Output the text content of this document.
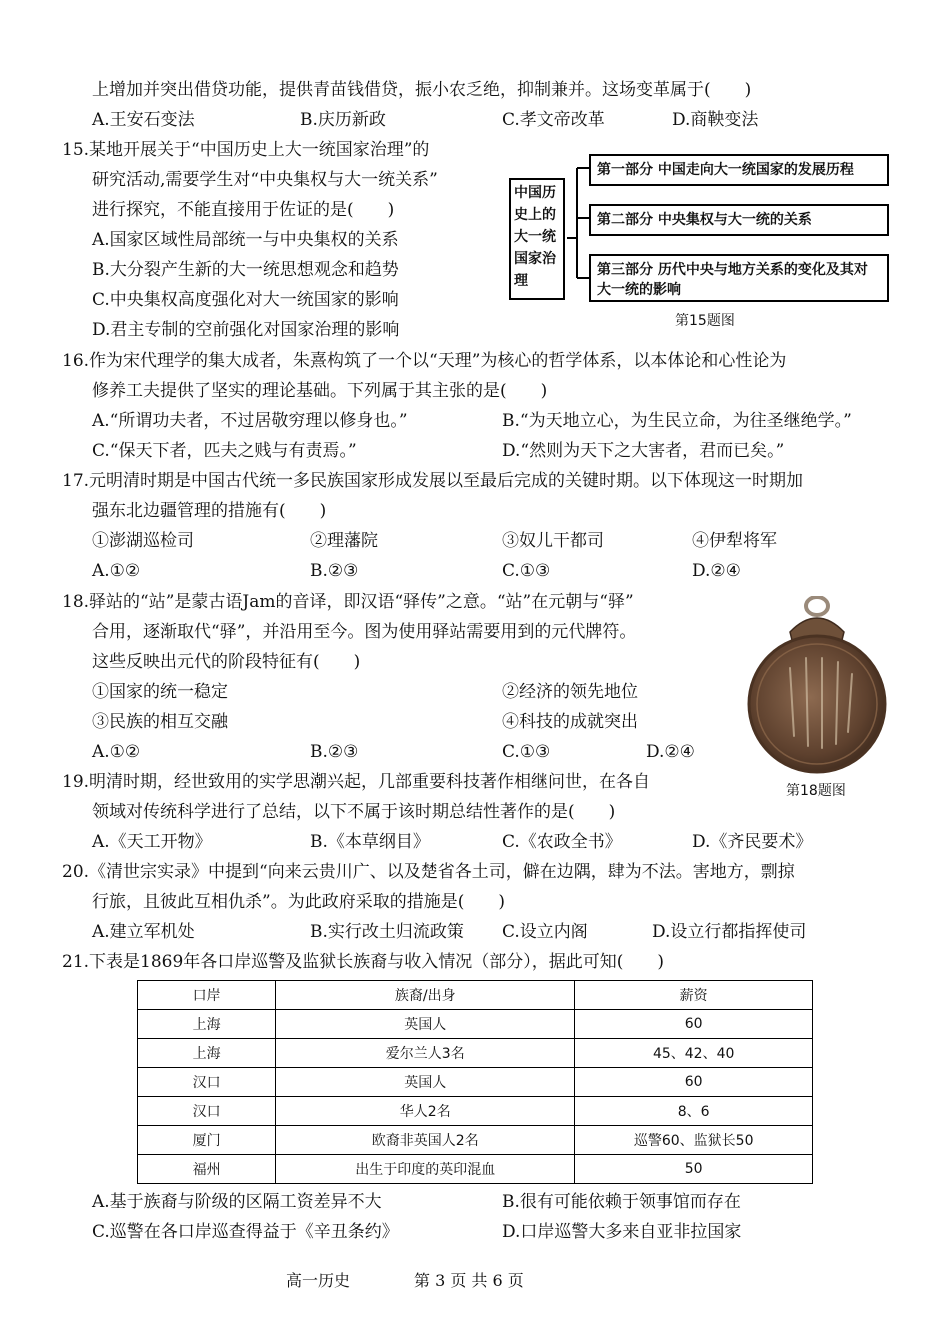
上增加并突出借贷功能，提供青苗钱借贷，振小农乏绝，抑制兼并。这场变革属于(　　)
A.王安石变法	B.庆历新政	C.孝文帝改革	D.商鞅变法
15.某地开展关于“中国历史上大一统国家治理”的
研究活动,需要学生对“中央集权与大一统关系”
进行探究，不能直接用于佐证的是(　　)
A.国家区域性局部统一与中央集权的关系
B.大分裂产生新的大一统思想观念和趋势
C.中央集权高度强化对大一统国家的影响
D.君主专制的空前强化对国家治理的影响
中国历史上的大一统国家治理
第一部分 中国走向大一统国家的发展历程
第二部分 中央集权与大一统的关系
第三部分 历代中央与地方关系的变化及其对大一统的影响
第15题图
16.作为宋代理学的集大成者，朱熹构筑了一个以“天理”为核心的哲学体系，以本体论和心性论为
修养工夫提供了坚实的理论基础。下列属于其主张的是(　　)
A.“所谓功夫者，不过居敬穷理以修身也。”	B.“为天地立心，为生民立命，为往圣继绝学。”
C.“保天下者，匹夫之贱与有责焉。”	D.“然则为天下之大害者，君而已矣。”
17.元明清时期是中国古代统一多民族国家形成发展以至最后完成的关键时期。以下体现这一时期加
强东北边疆管理的措施有(　　)
①澎湖巡检司	②理藩院	③奴儿干都司	④伊犁将军
A.①②	B.②③	C.①③	D.②④
18.驿站的“站”是蒙古语Jam的音译，即汉语“驿传”之意。“站”在元朝与“驿”
合用，逐渐取代“驿”，并沿用至今。图为使用驿站需要用到的元代牌符。
这些反映出元代的阶段特征有(　　)
①国家的统一稳定	②经济的领先地位
③民族的相互交融	④科技的成就突出
A.①②	B.②③	C.①③	D.②④
第18题图
19.明清时期，经世致用的实学思潮兴起，几部重要科技著作相继问世，在各自
领域对传统科学进行了总结，以下不属于该时期总结性著作的是(　　)
A.《天工开物》	B.《本草纲目》	C.《农政全书》	D.《齐民要术》
20.《清世宗实录》中提到“向来云贵川广、以及楚省各土司，僻在边隅，肆为不法。害地方，剽掠
行旅，且彼此互相仇杀”。为此政府采取的措施是(　　)
A.建立军机处	B.实行改土归流政策 C.设立内阁	D.设立行都指挥使司
21.下表是1869年各口岸巡警及监狱长族裔与收入情况（部分），据此可知(　　)
口岸	族裔/出身	薪资
上海	英国人	60
上海	爱尔兰人3名	45、42、40
汉口	英国人	60
汉口	华人2名	8、6
厦门	欧裔非英国人2名	巡警60、监狱长50
福州	出生于印度的英印混血	50
A.基于族裔与阶级的区隔工资差异不大	B.很有可能依赖于领事馆而存在
C.巡警在各口岸巡查得益于《辛丑条约》	D.口岸巡警大多来自亚非拉国家
高一历史	第 3 页 共 6 页
